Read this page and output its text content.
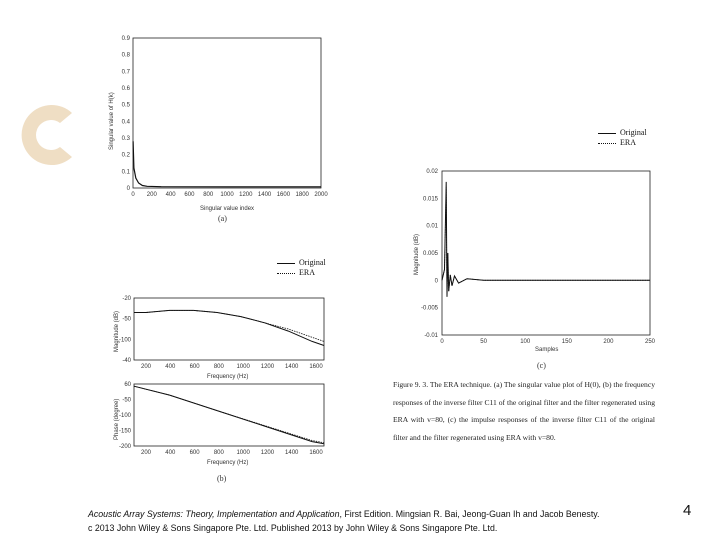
0.9
0.8
0.7
0.6
0.5
0.4
0.3
0.2
0.1
0
0 200 400 600 800 1000 1200 1400 1600 1800 2000
Singular value of H(k)
Singular value index
(a)
Original
ERA
-20
-50
-100
-40
200 400 600 800 1000 1200 1400 1600
Magnitude (dB)
Frequency (Hz)
60
-50
-100
-150
-200
200 400 600 800 1000 1200 1400 1600
Phase (degree)
Frequency (Hz)
(b)
Original
ERA
0.02
0.015
0.01
0.005
0
-0.005
-0.01
0	50	100	150	200	250
Magnitude (dB)
Samples
(c)
Figure 9. 3. The ERA technique. (a) The singular value plot of H(0), (b) the frequency responses of the inverse filter C11 of the original filter and the filter regenerated using ERA with v=80, (c) the impulse responses of the inverse filter C11 of the original filter and the filter regenerated using ERA with v=80.
Acoustic Array Systems: Theory, Implementation and Application, First Edition. Mingsian R. Bai, Jeong-Guan Ih and Jacob Benesty.
c 2013 John Wiley & Sons Singapore Pte. Ltd. Published 2013 by John Wiley & Sons Singapore Pte. Ltd.
4
